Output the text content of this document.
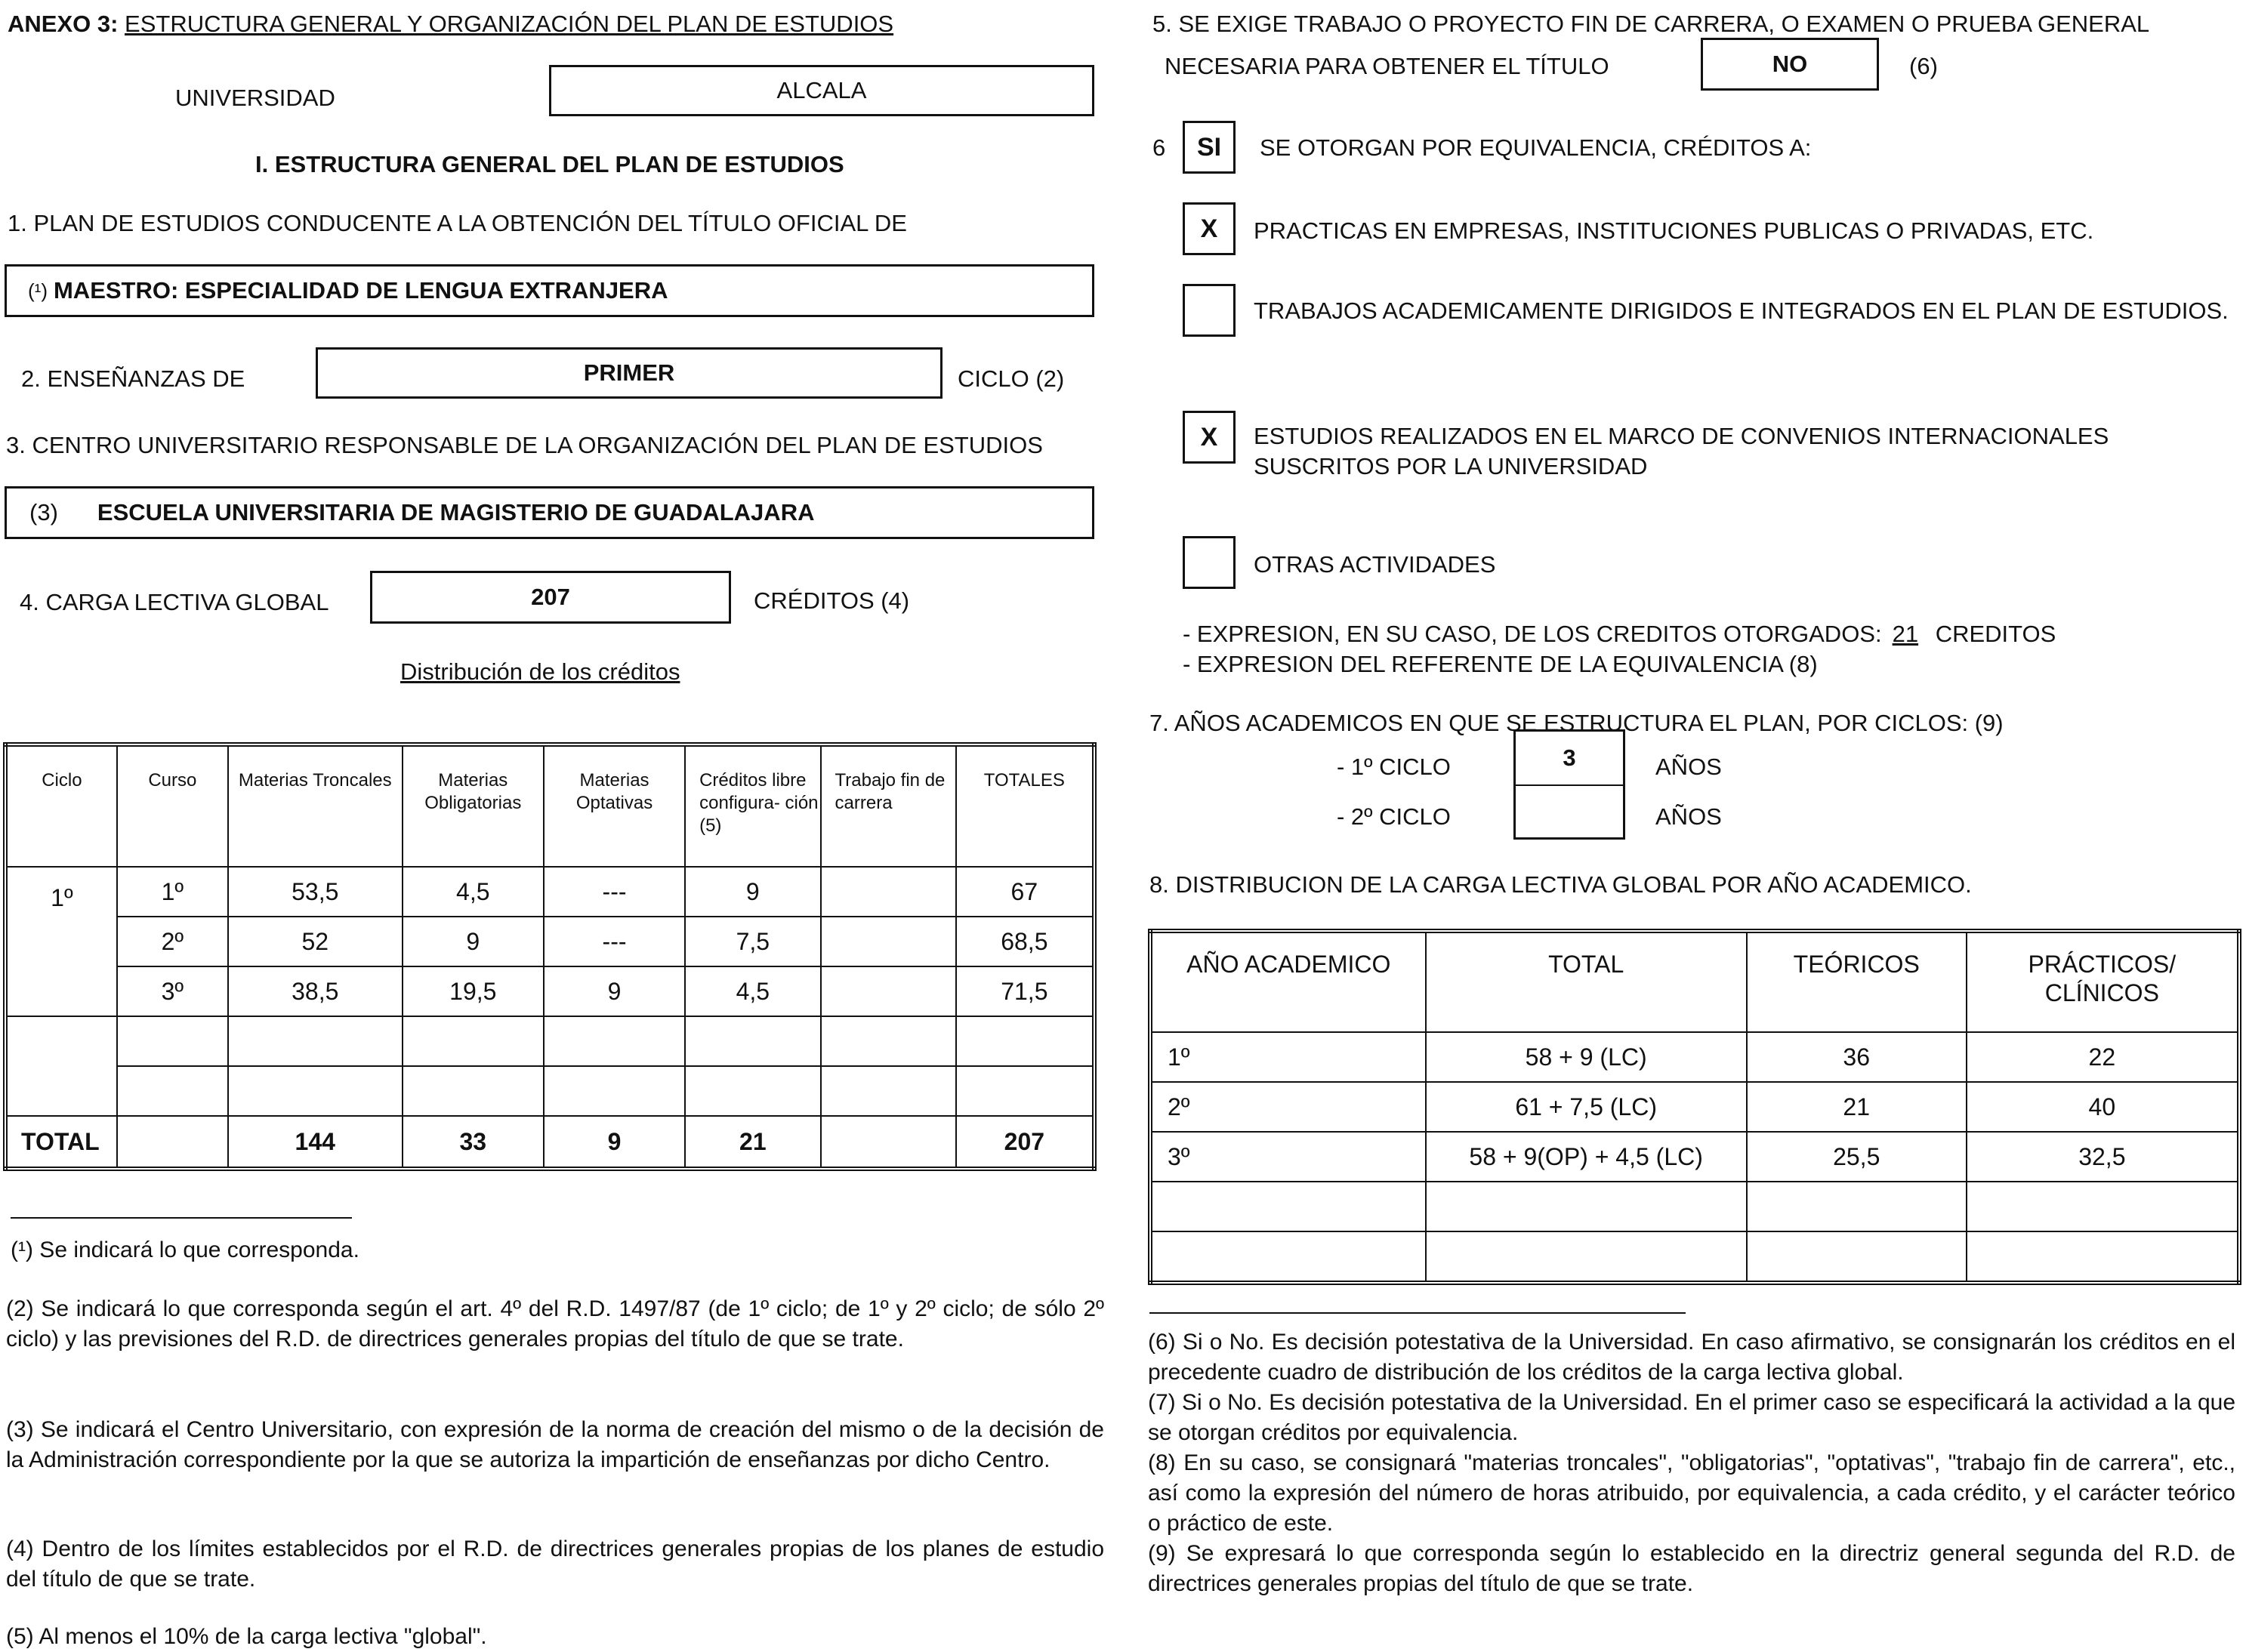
ANEXO 3: ESTRUCTURA GENERAL Y ORGANIZACIÓN DEL PLAN DE ESTUDIOS
UNIVERSIDAD	ALCALA
I. ESTRUCTURA GENERAL DEL PLAN DE ESTUDIOS
1. PLAN DE ESTUDIOS CONDUCENTE A LA OBTENCIÓN DEL TÍTULO OFICIAL DE
(¹) MAESTRO: ESPECIALIDAD DE LENGUA EXTRANJERA
2. ENSEÑANZAS DE	PRIMER	CICLO (2)
3. CENTRO UNIVERSITARIO RESPONSABLE DE LA ORGANIZACIÓN DEL PLAN DE ESTUDIOS
(3) ESCUELA UNIVERSITARIA DE MAGISTERIO DE GUADALAJARA
4. CARGA LECTIVA GLOBAL	207	CRÉDITOS (4)
Distribución de los créditos
Ciclo	Curso	Materias Troncales	Materias Obligatorias	Materias Optativas	Créditos libre configura- ción (5)	Trabajo fin de carrera	TOTALES
1º	1º	53,5	4,5	---	9		67
	2º	52	9	---	7,5		68,5
	3º	38,5	19,5	9	4,5		71,5

TOTAL		144	33	9	21		207
(¹) Se indicará lo que corresponda.
(2) Se indicará lo que corresponda según el art. 4º del R.D. 1497/87 (de 1º ciclo; de 1º y 2º ciclo; de sólo 2º ciclo) y las previsiones del R.D. de directrices generales propias del título de que se trate.
(3) Se indicará el Centro Universitario, con expresión de la norma de creación del mismo o de la decisión de la Administración correspondiente por la que se autoriza la impartición de enseñanzas por dicho Centro.
(4) Dentro de los límites establecidos por el R.D. de directrices generales propias de los planes de estudio del título de que se trate.
(5) Al menos el 10% de la carga lectiva "global".
5. SE EXIGE TRABAJO O PROYECTO FIN DE CARRERA, O EXAMEN O PRUEBA GENERAL
NECESARIA PARA OBTENER EL TÍTULO	NO	(6)
6 SI SE OTORGAN POR EQUIVALENCIA, CRÉDITOS A:
X PRACTICAS EN EMPRESAS, INSTITUCIONES PUBLICAS O PRIVADAS, ETC.
TRABAJOS ACADEMICAMENTE DIRIGIDOS E INTEGRADOS EN EL PLAN DE ESTUDIOS.
X ESTUDIOS REALIZADOS EN EL MARCO DE CONVENIOS INTERNACIONALES SUSCRITOS POR LA UNIVERSIDAD
OTRAS ACTIVIDADES
- EXPRESION, EN SU CASO, DE LOS CREDITOS OTORGADOS: 21 CREDITOS
- EXPRESION DEL REFERENTE DE LA EQUIVALENCIA (8)
7. AÑOS ACADEMICOS EN QUE SE ESTRUCTURA EL PLAN, POR CICLOS: (9)
- 1º CICLO	3	AÑOS
- 2º CICLO	AÑOS
8. DISTRIBUCION DE LA CARGA LECTIVA GLOBAL POR AÑO ACADEMICO.
AÑO ACADEMICO	TOTAL	TEÓRICOS	PRÁCTICOS/ CLÍNICOS
1º	58 + 9 (LC)	36	22
2º	61 + 7,5 (LC)	21	40
3º	58 + 9(OP) + 4,5 (LC)	25,5	32,5

(6) Si o No. Es decisión potestativa de la Universidad. En caso afirmativo, se consignarán los créditos en el precedente cuadro de distribución de los créditos de la carga lectiva global.
(7) Si o No. Es decisión potestativa de la Universidad. En el primer caso se especificará la actividad a la que se otorgan créditos por equivalencia.
(8) En su caso, se consignará "materias troncales", "obligatorias", "optativas", "trabajo fin de carrera", etc., así como la expresión del número de horas atribuido, por equivalencia, a cada crédito, y el carácter teórico o práctico de este.
(9) Se expresará lo que corresponda según lo establecido en la directriz general segunda del R.D. de directrices generales propias del título de que se trate.
